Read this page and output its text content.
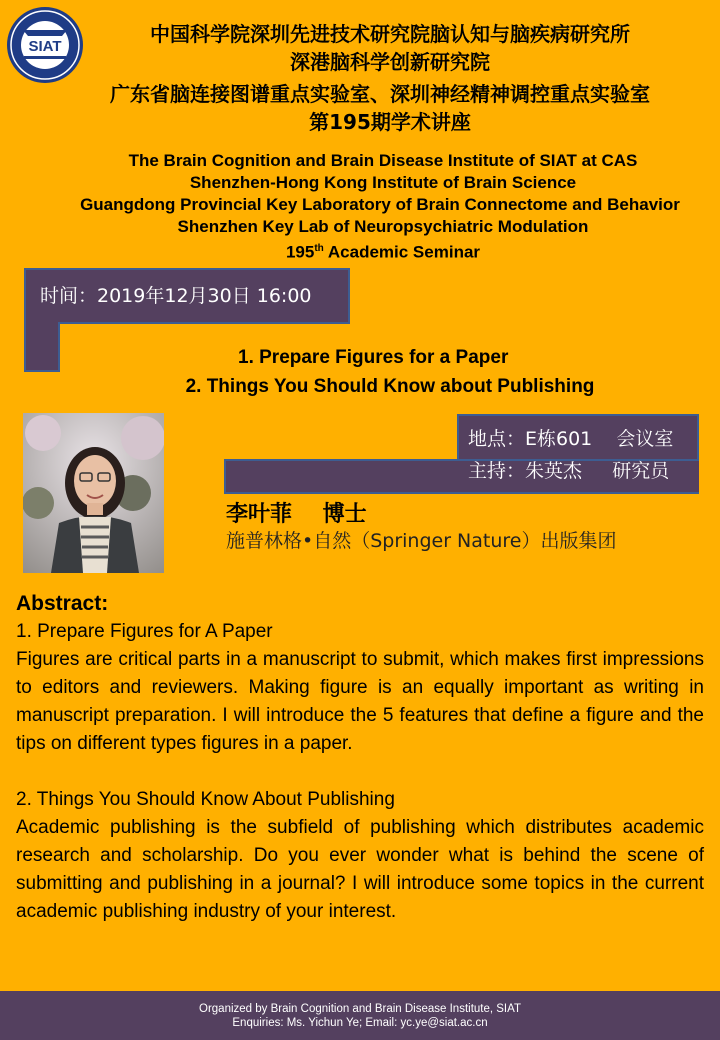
SIAT
中国科学院深圳先进技术研究院脑认知与脑疾病研究所
深港脑科学创新研究院
广东省脑连接图谱重点实验室、深圳神经精神调控重点实验室
第195期学术讲座
The Brain Cognition and Brain Disease Institute of SIAT at CAS
Shenzhen-Hong Kong Institute of Brain Science
Guangdong Provincial Key Laboratory of Brain Connectome and Behavior
Shenzhen Key Lab of Neuropsychiatric Modulation
195th Academic Seminar
时间：2019年12月30日 16:00
1. Prepare Figures for a Paper
2. Things You Should Know about Publishing
地点：E栋601    会议室
主持：朱英杰     研究员
李叶菲    博士
施普林格•自然（Springer Nature）出版集团
Abstract:

1. Prepare Figures for A Paper

Figures are critical parts in a manuscript to submit, which makes first impressions to editors and reviewers. Making figure is an equally important as writing in manuscript preparation. I will introduce the 5 features that define a figure and the tips on different types figures in a paper.

2. Things You Should Know About Publishing

Academic publishing is the subfield of publishing which distributes academic research and scholarship. Do you ever wonder what is behind the scene of submitting and publishing in a journal? I will introduce some topics in the current academic publishing industry of your interest.

Organized by Brain Cognition and Brain Disease Institute, SIAT
Enquiries: Ms. Yichun Ye; Email: yc.ye@siat.ac.cn
